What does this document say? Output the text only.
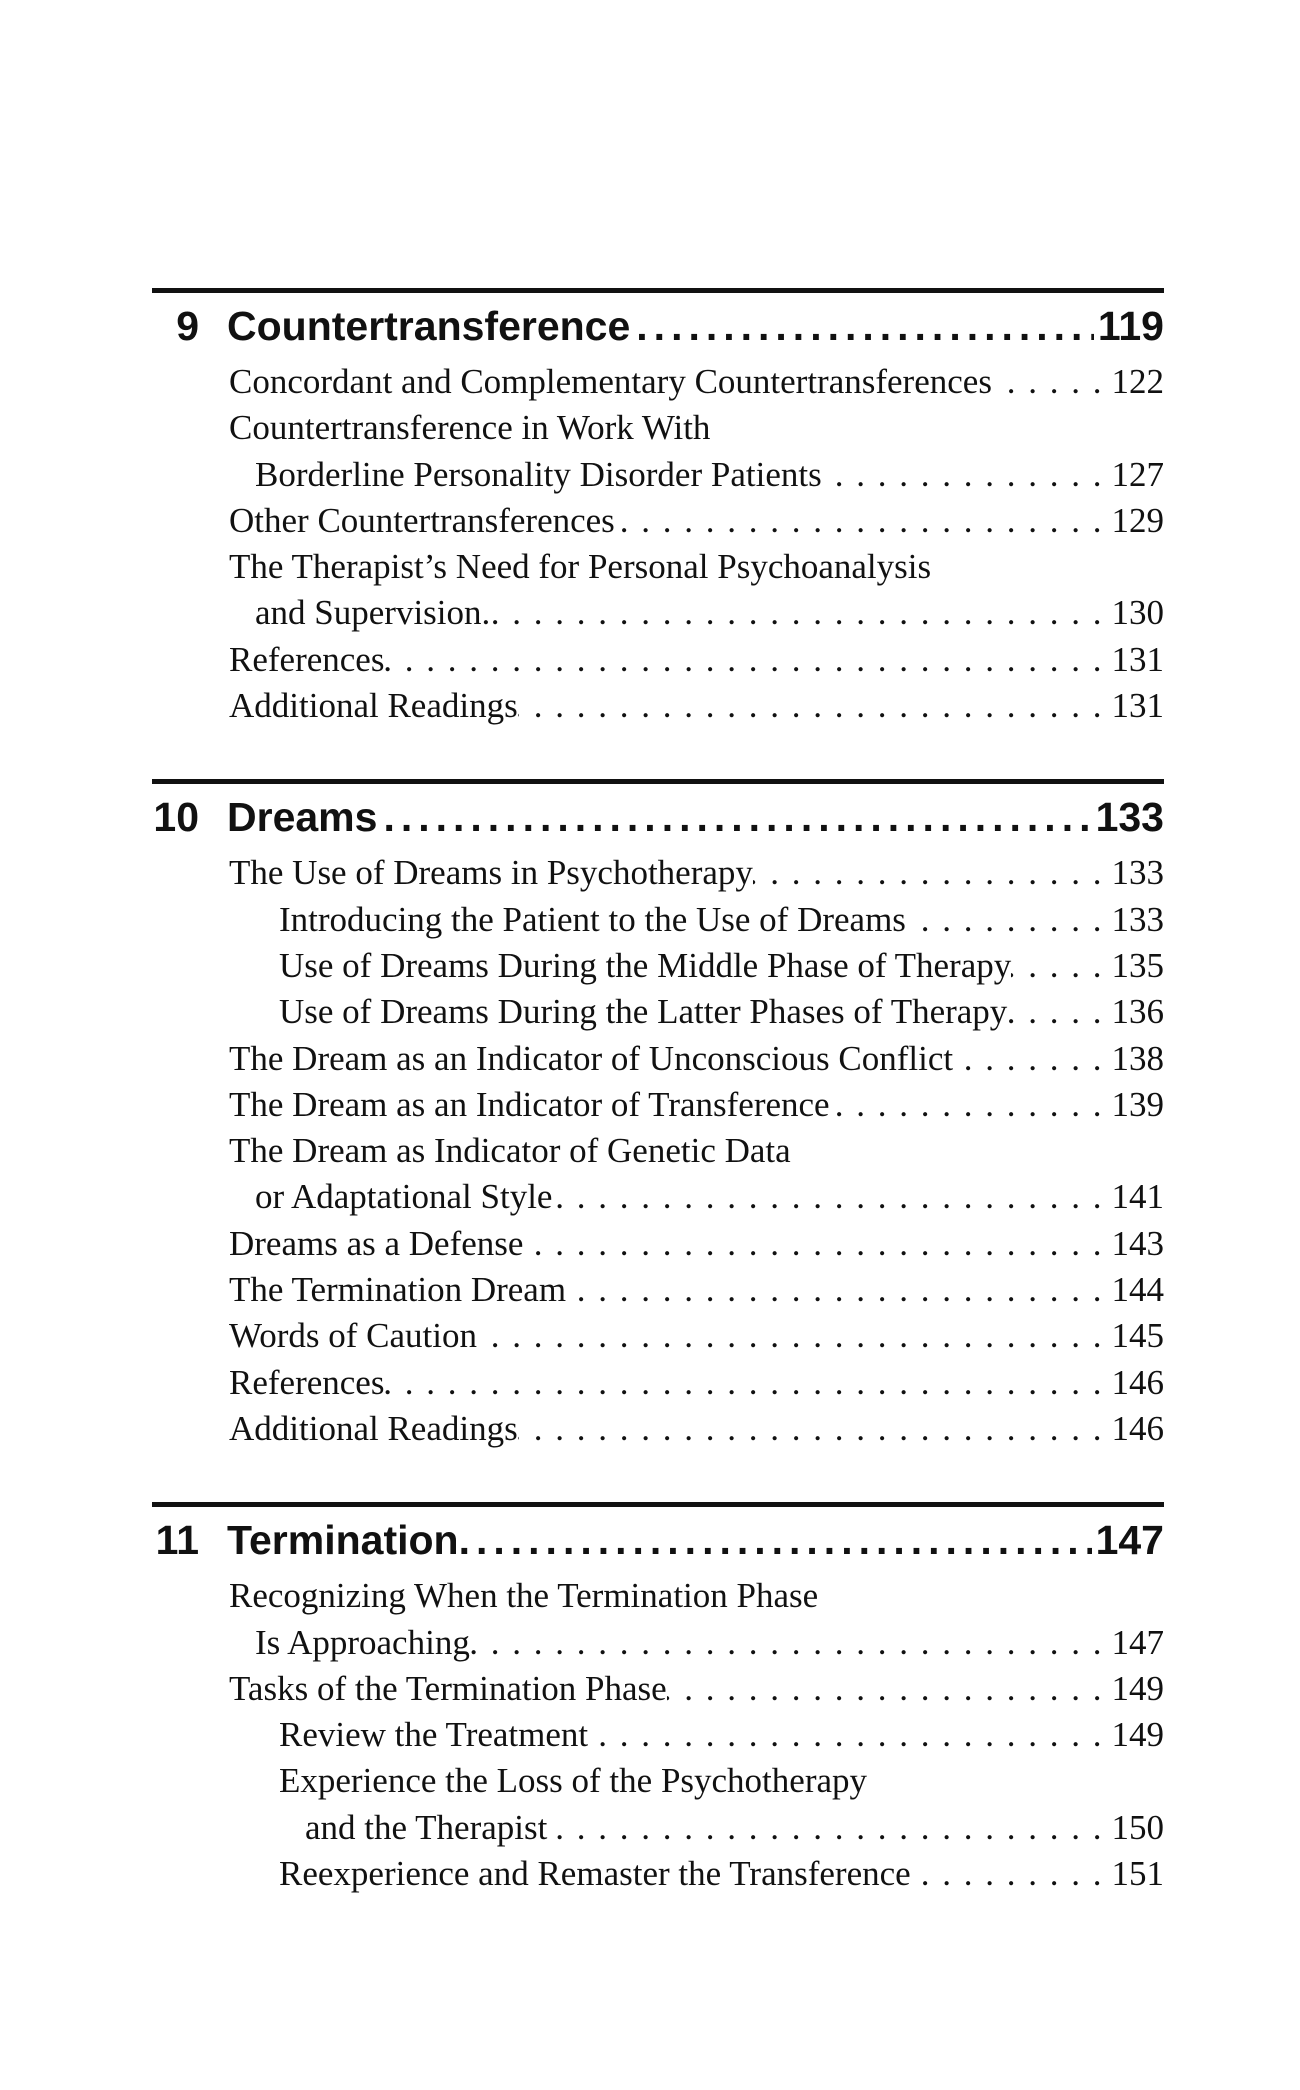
9 Countertransference .....	119
Concordant and Complementary Countertransferences . . .	122
Countertransference in Work With
Borderline Personality Disorder Patients . . .	127
Other Countertransferences . . .	129
The Therapist’s Need for Personal Psychoanalysis
and Supervision. . . .	130
References . . .	131
Additional Readings . . .	131
10 Dreams .....	133
The Use of Dreams in Psychotherapy . . .	133
Introducing the Patient to the Use of Dreams . . .	133
Use of Dreams During the Middle Phase of Therapy . . .	135
Use of Dreams During the Latter Phases of Therapy . . .	136
The Dream as an Indicator of Unconscious Conflict . . .	138
The Dream as an Indicator of Transference . . .	139
The Dream as Indicator of Genetic Data
or Adaptational Style . . .	141
Dreams as a Defense . . .	143
The Termination Dream . . .	144
Words of Caution . . .	145
References . . .	146
Additional Readings . . .	146
11 Termination. .....	147
Recognizing When the Termination Phase
Is Approaching . . .	147
Tasks of the Termination Phase . . .	149
Review the Treatment . . .	149
Experience the Loss of the Psychotherapy
and the Therapist . . .	150
Reexperience and Remaster the Transference . . .	151
